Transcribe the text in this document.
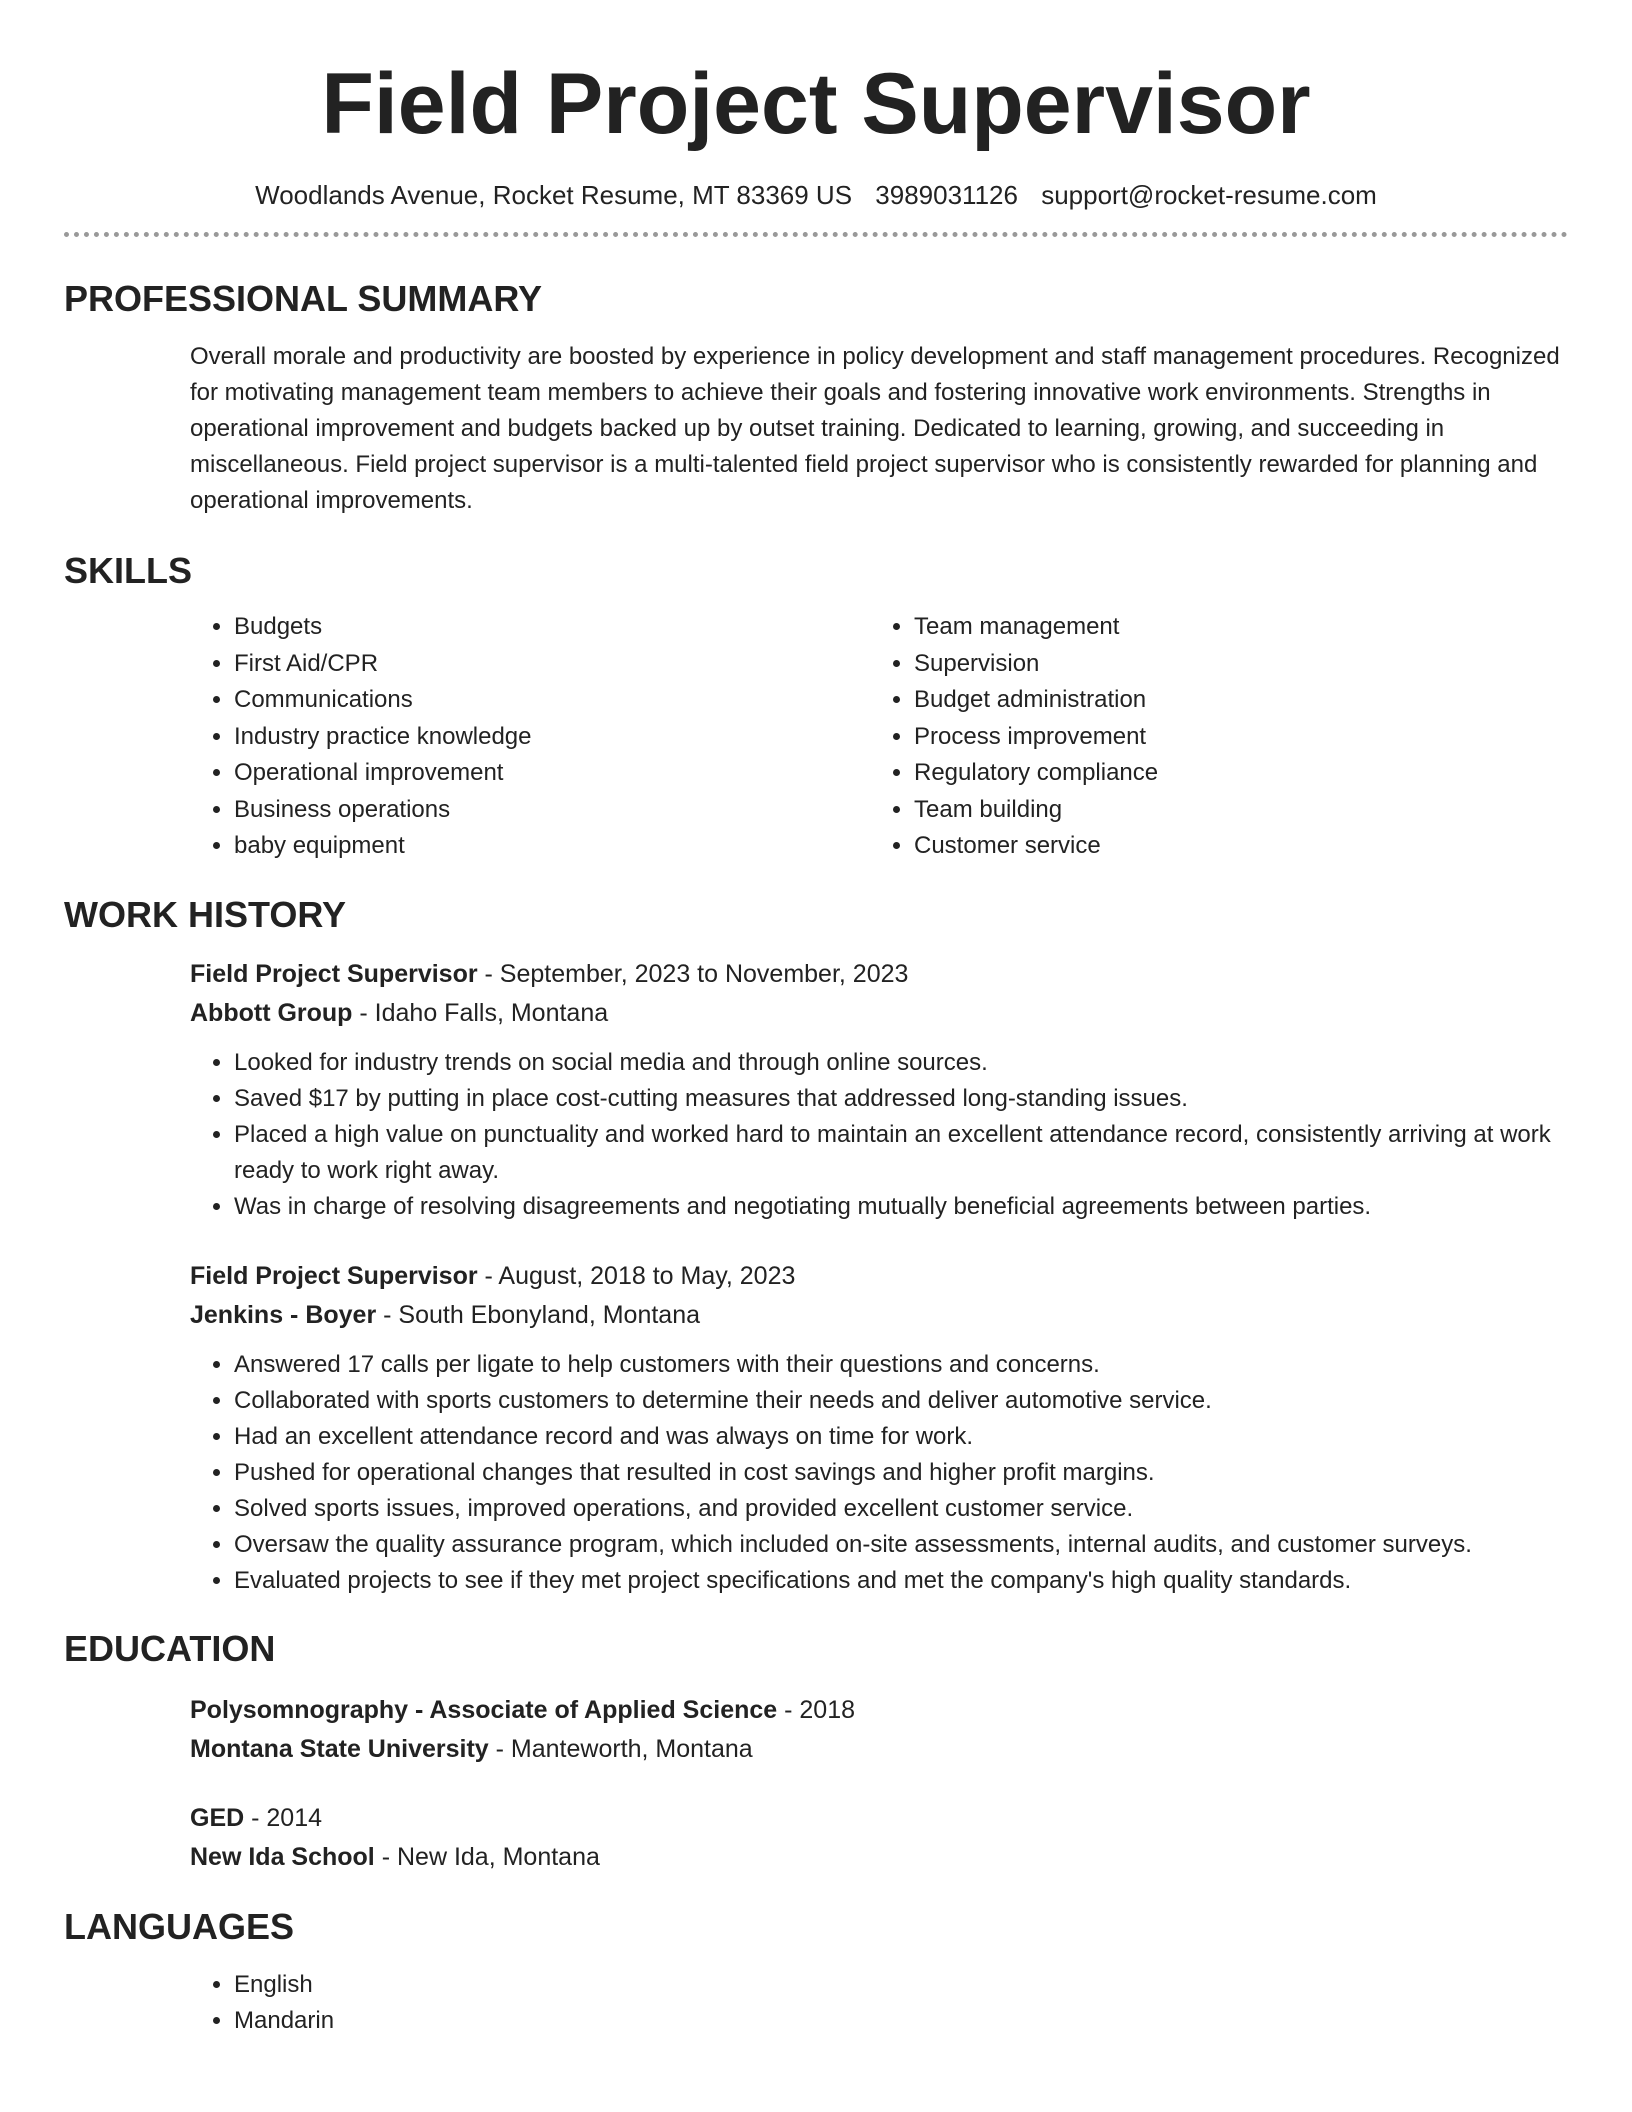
Field Project Supervisor
Woodlands Avenue, Rocket Resume, MT 83369 US 3989031126 support@rocket-resume.com
PROFESSIONAL SUMMARY

Overall morale and productivity are boosted by experience in policy development and staff management procedures. Recognized for motivating management team members to achieve their goals and fostering innovative work environments. Strengths in operational improvement and budgets backed up by outset training. Dedicated to learning, growing, and succeeding in miscellaneous. Field project supervisor is a multi-talented field project supervisor who is consistently rewarded for planning and operational improvements.

SKILLS
• Budgets
• First Aid/CPR
• Communications
• Industry practice knowledge
• Operational improvement
• Business operations
• baby equipment
• Team management
• Supervision
• Budget administration
• Process improvement
• Regulatory compliance
• Team building
• Customer service
WORK HISTORY
Field Project Supervisor - September, 2023 to November, 2023
Abbott Group - Idaho Falls, Montana
• Looked for industry trends on social media and through online sources.
• Saved $17 by putting in place cost-cutting measures that addressed long-standing issues.
• Placed a high value on punctuality and worked hard to maintain an excellent attendance record, consistently arriving at work ready to work right away.
• Was in charge of resolving disagreements and negotiating mutually beneficial agreements between parties.
Field Project Supervisor - August, 2018 to May, 2023
Jenkins - Boyer - South Ebonyland, Montana
• Answered 17 calls per ligate to help customers with their questions and concerns.
• Collaborated with sports customers to determine their needs and deliver automotive service.
• Had an excellent attendance record and was always on time for work.
• Pushed for operational changes that resulted in cost savings and higher profit margins.
• Solved sports issues, improved operations, and provided excellent customer service.
• Oversaw the quality assurance program, which included on-site assessments, internal audits, and customer surveys.
• Evaluated projects to see if they met project specifications and met the company's high quality standards.
EDUCATION
Polysomnography - Associate of Applied Science - 2018
Montana State University - Manteworth, Montana
GED - 2014
New Ida School - New Ida, Montana
LANGUAGES
• English
• Mandarin
